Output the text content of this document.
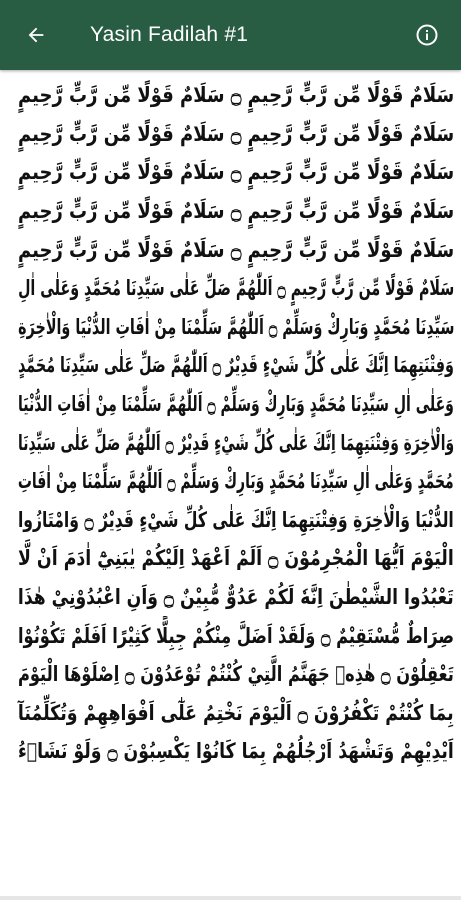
Yasin Fadilah #1
سَلَامٌ قَوْلًا مِّن رَّبٍّ رَّحِيمٍ ۝ سَلَامٌ قَوْلًا مِّن رَّبٍّ رَّحِيمٍ
سَلَامٌ قَوْلًا مِّن رَّبٍّ رَّحِيمٍ ۝ سَلَامٌ قَوْلًا مِّن رَّبٍّ رَّحِيمٍ
سَلَامٌ قَوْلًا مِّن رَّبٍّ رَّحِيمٍ ۝ سَلَامٌ قَوْلًا مِّن رَّبٍّ رَّحِيمٍ
سَلَامٌ قَوْلًا مِّن رَّبٍّ رَّحِيمٍ ۝ سَلَامٌ قَوْلًا مِّن رَّبٍّ رَّحِيمٍ
سَلَامٌ قَوْلًا مِّن رَّبٍّ رَّحِيمٍ ۝ سَلَامٌ قَوْلًا مِّن رَّبٍّ رَّحِيمٍ
سَلَامٌ قَوْلًا مِّن رَّبٍّ رَّحِيمٍ ۝ اَللّٰهُمَّ صَلِّ عَلٰى سَيِّدِنَا مُحَمَّدٍ وَعَلٰى اٰلِ
سَيِّدِنَا مُحَمَّدٍ وَبَارِكْ وَسَلِّمْ ۝ اَللّٰهُمَّ سَلِّمْنَا مِنْ اٰفَاتِ الدُّنْيَا وَالْاٰخِرَةِ
وَفِتْنَتِهِمَا اِنَّكَ عَلٰى كُلِّ شَيْءٍ قَدِيْرٌ ۝ اَللّٰهُمَّ صَلِّ عَلٰى سَيِّدِنَا مُحَمَّدٍ
وَعَلٰى اٰلِ سَيِّدِنَا مُحَمَّدٍ وَبَارِكْ وَسَلِّمْ ۝ اَللّٰهُمَّ سَلِّمْنَا مِنْ اٰفَاتِ الدُّنْيَا
وَالْاٰخِرَةِ وَفِتْنَتِهِمَا اِنَّكَ عَلٰى كُلِّ شَيْءٍ قَدِيْرٌ ۝ اَللّٰهُمَّ صَلِّ عَلٰى سَيِّدِنَا
مُحَمَّدٍ وَعَلٰى اٰلِ سَيِّدِنَا مُحَمَّدٍ وَبَارِكْ وَسَلِّمْ ۝ اَللّٰهُمَّ سَلِّمْنَا مِنْ اٰفَاتِ
الدُّنْيَا وَالْاٰخِرَةِ وَفِتْنَتِهِمَا اِنَّكَ عَلٰى كُلِّ شَيْءٍ قَدِيْرٌ ۝ وَامْتَازُوا
الْيَوْمَ اَيُّهَا الْمُجْرِمُوْنَ ۝ اَلَمْ اَعْهَدْ اِلَيْكُمْ يٰبَنِيْٓ اٰدَمَ اَنْ لَّا
تَعْبُدُوا الشَّيْطٰنَ اِنَّهٗ لَكُمْ عَدُوٌّ مُّبِيْنٌ ۝ وَاَنِ اعْبُدُوْنِيْ هٰذَا
صِرَاطٌ مُّسْتَقِيْمٌ ۝ وَلَقَدْ اَضَلَّ مِنْكُمْ جِبِلًّا كَثِيْرًا اَفَلَمْ تَكُوْنُوْا
تَعْقِلُوْنَ ۝ هٰذِهٖ جَهَنَّمُ الَّتِيْ كُنْتُمْ تُوْعَدُوْنَ ۝ اِصْلَوْهَا الْيَوْمَ
بِمَا كُنْتُمْ تَكْفُرُوْنَ ۝ اَلْيَوْمَ نَخْتِمُ عَلٰٓى اَفْوَاهِهِمْ وَتُكَلِّمُنَآ
اَيْدِيْهِمْ وَتَشْهَدُ اَرْجُلُهُمْ بِمَا كَانُوْا يَكْسِبُوْنَ ۝ وَلَوْ نَشَاۤءُ
